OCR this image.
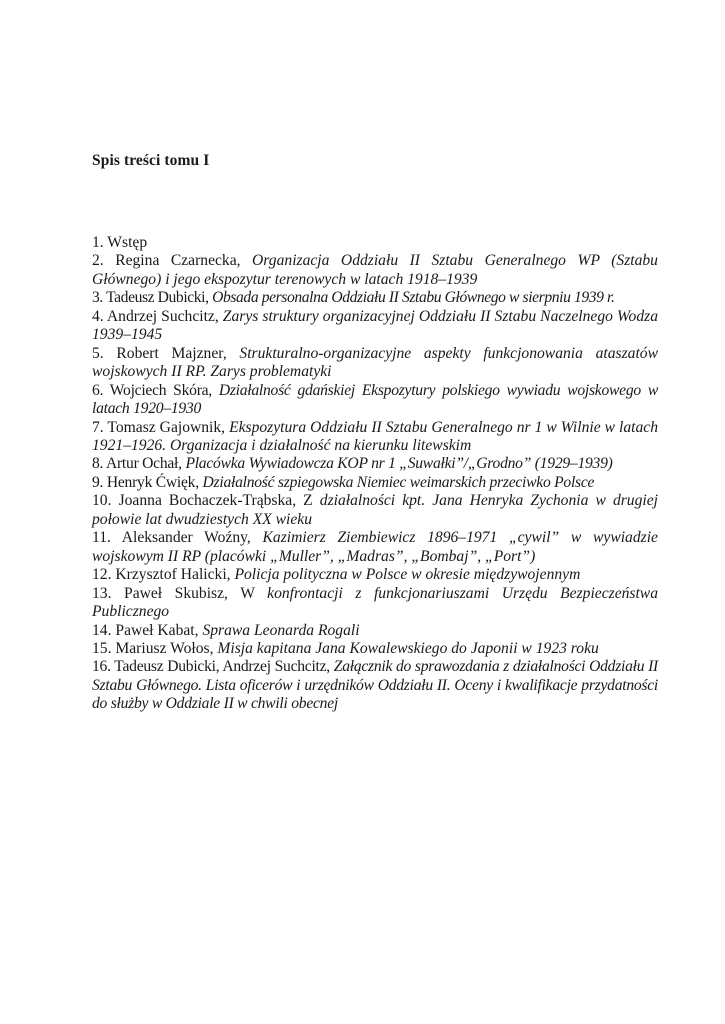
Spis treści tomu I
1. Wstęp
2. Regina Czarnecka, Organizacja Oddziału II Sztabu Generalnego WP (Sztabu Głównego) i jego ekspozytur terenowych w latach 1918–1939
3. Tadeusz Dubicki, Obsada personalna Oddziału II Sztabu Głównego w sierpniu 1939 r.
4. Andrzej Suchcitz, Zarys struktury organizacyjnej Oddziału II Sztabu Naczelnego Wodza 1939–1945
5. Robert Majzner, Strukturalno-organizacyjne aspekty funkcjonowania ataszatów wojskowych II RP. Zarys problematyki
6. Wojciech Skóra, Działalność gdańskiej Ekspozytury polskiego wywiadu wojskowego w latach 1920–1930
7. Tomasz Gajownik, Ekspozytura Oddziału II Sztabu Generalnego nr 1 w Wilnie w latach 1921–1926. Organizacja i działalność na kierunku litewskim
8. Artur Ochał, Placówka Wywiadowcza KOP nr 1 „Suwałki”/„Grodno” (1929–1939)
9. Henryk Ćwięk, Działalność szpiegowska Niemiec weimarskich przeciwko Polsce
10. Joanna Bochaczek-Trąbska, Z działalności kpt. Jana Henryka Zychonia w drugiej połowie lat dwudziestych XX wieku
11. Aleksander Woźny, Kazimierz Ziembiewicz 1896–1971 „cywil” w wywiadzie wojskowym II RP (placówki „Muller”, „Madras”, „Bombaj”, „Port”)
12. Krzysztof Halicki, Policja polityczna w Polsce w okresie międzywojennym
13. Paweł Skubisz, W konfrontacji z funkcjonariuszami Urzędu Bezpieczeństwa Publicznego
14. Paweł Kabat, Sprawa Leonarda Rogali
15. Mariusz Wołos, Misja kapitana Jana Kowalewskiego do Japonii w 1923 roku
16. Tadeusz Dubicki, Andrzej Suchcitz, Załącznik do sprawozdania z działalności Oddziału II Sztabu Głównego. Lista oficerów i urzędników Oddziału II. Oceny i kwalifikacje przydatności do służby w Oddziale II w chwili obecnej
